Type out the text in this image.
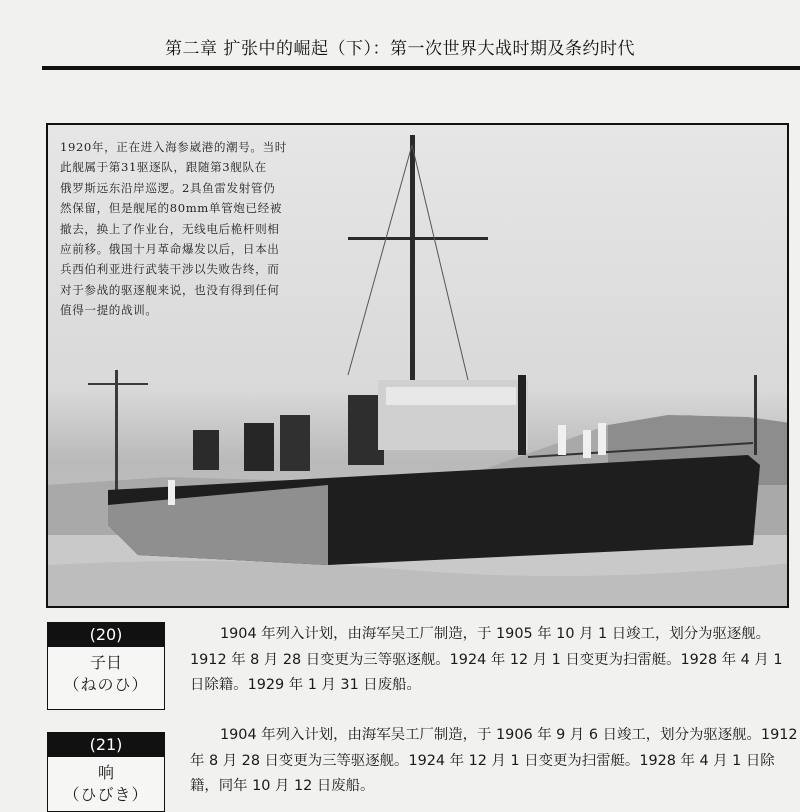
第二章 扩张中的崛起（下）：第一次世界大战时期及条约时代
1920年，正在进入海参崴港的潮号。当时
此舰属于第31驱逐队，跟随第3舰队在
俄罗斯远东沿岸巡逻。2具鱼雷发射管仍
然保留，但是舰尾的80mm单管炮已经被
撤去，换上了作业台，无线电后桅杆则相
应前移。俄国十月革命爆发以后，日本出
兵西伯利亚进行武装干涉以失败告终，而
对于参战的驱逐舰来说，也没有得到任何
值得一提的战训。
(20)
子日
（ねのひ）

1904 年列入计划，由海军吴工厂制造，于 1905 年 10 月 1 日竣工，划分为驱逐舰。1912 年 8 月 28 日变更为三等驱逐舰。1924 年 12 月 1 日变更为扫雷艇。1928 年 4 月 1 日除籍。1929 年 1 月 31 日废船。

(21)
响
（ひびき）

1904 年列入计划，由海军吴工厂制造，于 1906 年 9 月 6 日竣工，划分为驱逐舰。1912 年 8 月 28 日变更为三等驱逐舰。1924 年 12 月 1 日变更为扫雷艇。1928 年 4 月 1 日除籍，同年 10 月 12 日废船。
